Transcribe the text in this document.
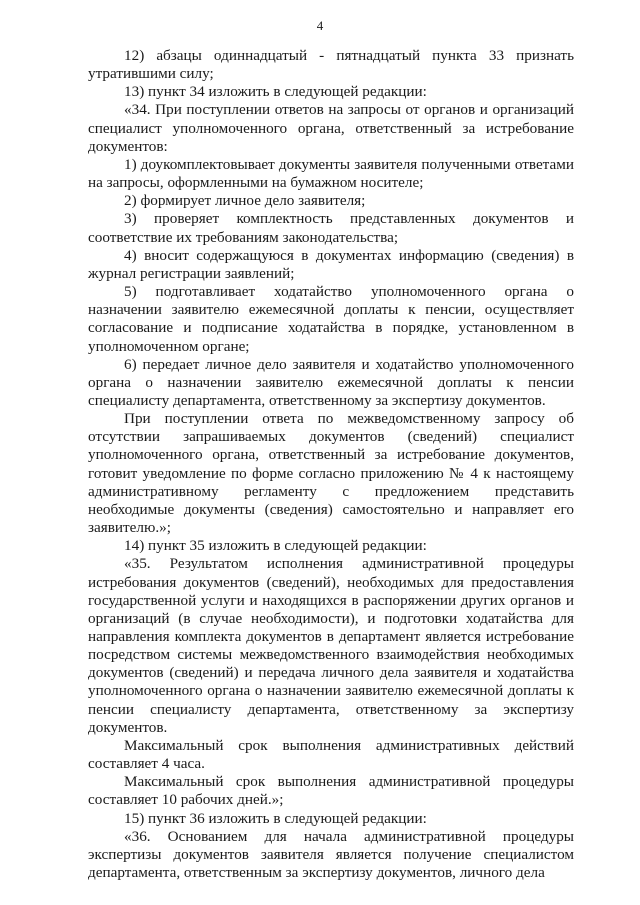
4

12) абзацы одиннадцатый - пятнадцатый пункта 33 признать утратившими силу;

13) пункт 34 изложить в следующей редакции:

«34. При поступлении ответов на запросы от органов и организаций специалист уполномоченного органа, ответственный за истребование документов:

1) доукомплектовывает документы заявителя полученными ответами на запросы, оформленными на бумажном носителе;

2) формирует личное дело заявителя;

3) проверяет комплектность представленных документов и соответствие их требованиям законодательства;

4) вносит содержащуюся в документах информацию (сведения) в журнал регистрации заявлений;

5) подготавливает ходатайство уполномоченного органа о назначении заявителю ежемесячной доплаты к пенсии, осуществляет согласование и подписание ходатайства в порядке, установленном в уполномоченном органе;

6) передает личное дело заявителя и ходатайство уполномоченного органа о назначении заявителю ежемесячной доплаты к пенсии специалисту департамента, ответственному за экспертизу документов.

При поступлении ответа по межведомственному запросу об отсутствии запрашиваемых документов (сведений) специалист уполномоченного органа, ответственный за истребование документов, готовит уведомление по форме согласно приложению № 4 к настоящему административному регламенту с предложением представить необходимые документы (сведения) самостоятельно и направляет его заявителю.»;

14) пункт 35 изложить в следующей редакции:

«35. Результатом исполнения административной процедуры истребования документов (сведений), необходимых для предоставления государственной услуги и находящихся в распоряжении других органов и организаций (в случае необходимости), и подготовки ходатайства для направления комплекта документов в департамент является истребование посредством системы межведомственного взаимодействия необходимых документов (сведений) и передача личного дела заявителя и ходатайства уполномоченного органа о назначении заявителю ежемесячной доплаты к пенсии специалисту департамента, ответственному за экспертизу документов.

Максимальный срок выполнения административных действий составляет 4 часа.

Максимальный срок выполнения административной процедуры составляет 10 рабочих дней.»;

15) пункт 36 изложить в следующей редакции:

«36. Основанием для начала административной процедуры экспертизы документов заявителя является получение специалистом департамента, ответственным за экспертизу документов, личного дела
